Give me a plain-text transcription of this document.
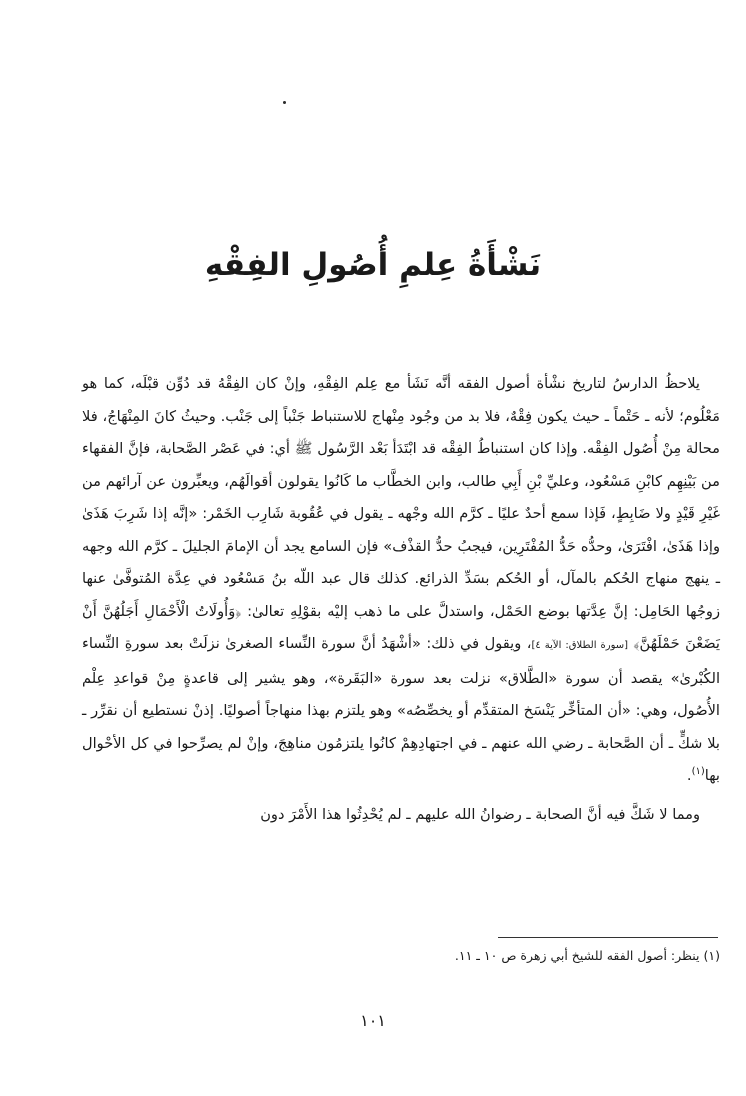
نَشْأَةُ عِلمِ أُصُولِ الفِقْهِ

يلاحظُ الدارسُ لتاريخ نشْأة أصول الفقه أنَّه نَشَأ مع عِلم الفِقْهِ، وإنْ كان الفِقْهُ قد دُوِّن قبْلَه، كما هو مَعْلُوم؛ لأنه ـ حَتْماً ـ حيث يكون فِقْهٌ، فلا بد من وجُود مِنْهاج للاستنباط جَنْباً إلى جَنْب. وحيثُ كانَ المِنْهَاجُ، فلا محالة مِنْ أُصُول الفِقْه. وإذا كان استنباطُ الفِقْه قد ابْتَدَأ بَعْد الرَّسُول ﷺ أي: في عَصْر الصَّحابة، فإنَّ الفقهاء من بَيْنِهِم كابْنِ مَسْعُود، وعليِّ بْنِ أَبِي طالب، وابن الخطَّاب ما كَانُوا يقولون أقوالَهُم، ويعبِّرون عن آرائهم من غَيْرِ قَيْدٍ ولا ضَابِطٍ، فَإذا سمع أحدٌ عليًا ـ كرَّم الله وجْهه ـ يقول في عُقُوبة شَارِب الخَمْر: «إنَّه إذا شَرِبَ هَذَىٰ وإذا هَذَىٰ، افْتَرَىٰ، وحدُّه حَدُّ المُفْتَرِين، فيجبُ حدُّ القذْف» فإن السامع يجد أن الإمامَ الجليلَ ـ كرَّم الله وجهه ـ ينهج منهاج الحُكم بالمآل، أو الحُكم بسَدِّ الذرائع. كذلك قال عبد اللّه بنُ مَسْعُود في عِدَّة المُتوفَّىٰ عنها زوجُها الحَامِل: إنَّ عِدَّتها بوضع الحَمْل، واستدلَّ على ما ذهب إليْه بقوْلِهِ تعالىٰ: ﴿وَأُولَاتُ الْأَحْمَالِ أَجَلُهُنَّ أَنْ يَضَعْنَ حَمْلَهُنَّ﴾ [سورة الطلاق: الآية ٤]، ويقول في ذلك: «أشْهَدُ أنَّ سورة النِّساء الصغرىٰ نزلَتْ بعد سورةِ النِّساء الكُبْرىٰ» يقصد أن سورة «الطَّلاق» نزلت بعد سورة «البَقَرة»، وهو يشير إلى قاعدةٍ مِنْ قواعدِ عِلْم الأُصُول، وهي: «أن المتأخِّر يَنْسَخ المتقدِّم أو يخصِّصُه» وهو يلتزم بهذا منهاجاً أصوليًا. إذنْ نستطيع أن نقرِّر ـ بلا شكٍّ ـ أن الصَّحابة ـ رضي الله عنهم ـ في اجتهادِهِمْ كانُوا يلتزمُون مناهِجَ، وإنْ لم يصرِّحوا في كل الأحْوال بها$^{(١)}$.

ومما لا شَكَّ فيه أنَّ الصحابة ـ رضوانُ الله عليهم ـ لم يُحْدِثُوا هذا الأَمْرَ دون

(١) ينظر: أصول الفقه للشيخ أبي زهرة ص ١٠ ـ ١١.
١٠١
